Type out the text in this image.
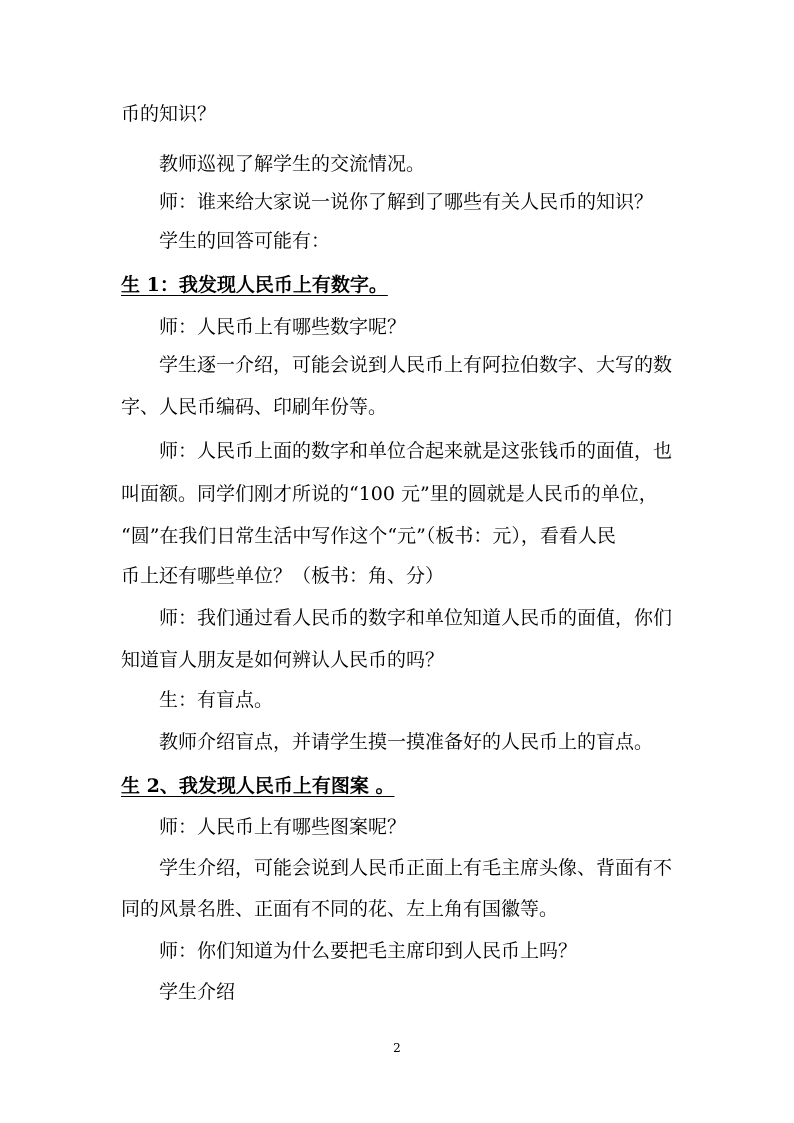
币的知识？
教师巡视了解学生的交流情况。
师：谁来给大家说一说你了解到了哪些有关人民币的知识？
学生的回答可能有：
生 1：我发现人民币上有数字。
师：人民币上有哪些数字呢？
学生逐一介绍，可能会说到人民币上有阿拉伯数字、大写的数
字、人民币编码、印刷年份等。
师：人民币上面的数字和单位合起来就是这张钱币的面值，也
叫面额。同学们刚才所说的“100 元”里的圆就是人民币的单位，
“圆”在我们日常生活中写作这个“元”（板书：元），看看人民
币上还有哪些单位？（板书：角、分）
师：我们通过看人民币的数字和单位知道人民币的面值，你们
知道盲人朋友是如何辨认人民币的吗？
生：有盲点。
教师介绍盲点，并请学生摸一摸准备好的人民币上的盲点。
生 2、我发现人民币上有图案 。
师：人民币上有哪些图案呢？
学生介绍，可能会说到人民币正面上有毛主席头像、背面有不
同的风景名胜、正面有不同的花、左上角有国徽等。
师：你们知道为什么要把毛主席印到人民币上吗？
学生介绍
2
